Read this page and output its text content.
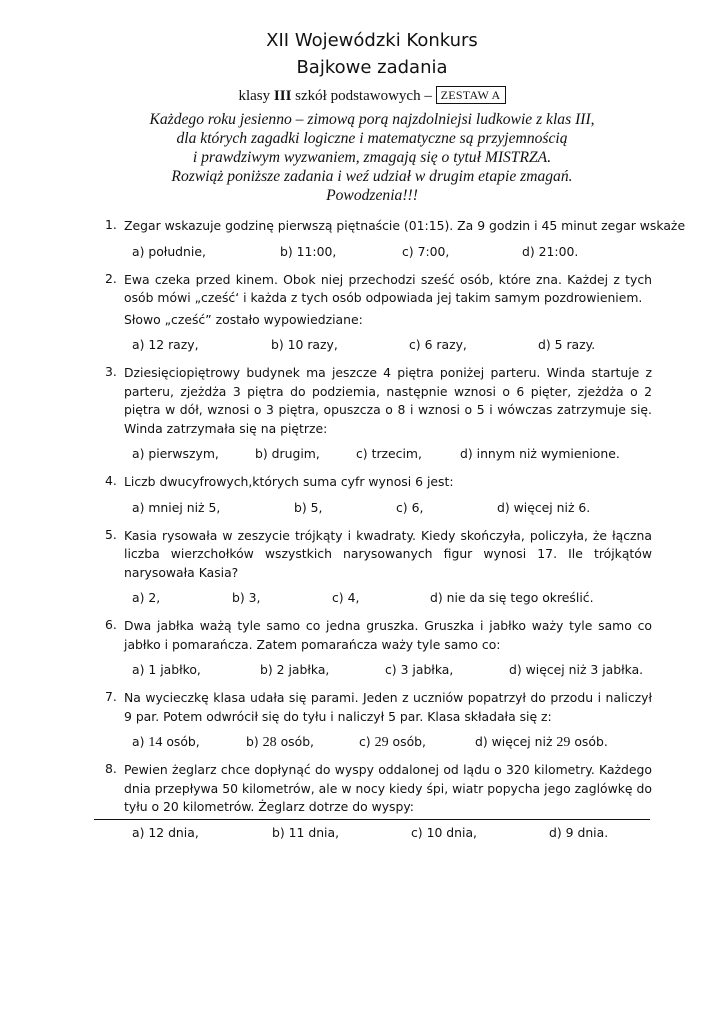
XII Wojewódzki Konkurs
Bajkowe zadania
klasy III szkół podstawowych – ZESTAW A
Każdego roku jesienno – zimową porą najzdolniejsi ludkowie z klas III,
dla których zagadki logiczne i matematyczne są przyjemnością
i prawdziwym wyzwaniem, zmagają się o tytuł MISTRZA.
Rozwiąż poniższe zadania i weź udział w drugim etapie zmagań.
Powodzenia!!!
1. Zegar wskazuje godzinę pierwszą piętnaście (01:15). Za 9 godzin i 45 minut zegar wskaże
a) południe,	b) 11:00,	c) 7:00,	d) 21:00.
2. Ewa czeka przed kinem. Obok niej przechodzi sześć osób, które zna. Każdej z tych osób mówi „cześć‘ i każda z tych osób odpowiada jej takim samym pozdrowieniem.
Słowo „cześć” zostało wypowiedziane:
a) 12 razy,	b) 10 razy,	c) 6 razy,	d) 5 razy.
3. Dziesięciopiętrowy budynek ma jeszcze 4 piętra poniżej parteru. Winda startuje z parteru, zjeżdża 3 piętra do podziemia, następnie wznosi o 6 pięter, zjeżdża o 2 piętra w dół, wznosi o 3 piętra, opuszcza o 8 i wznosi o 5 i wówczas zatrzymuje się. Winda zatrzymała się na piętrze:
a) pierwszym,	b) drugim,	c) trzecim,	d) innym niż wymienione.
4. Liczb dwucyfrowych,których suma cyfr wynosi 6 jest:
a) mniej niż 5,	b) 5,	c) 6,	d) więcej niż 6.
5. Kasia rysowała w zeszycie trójkąty i kwadraty. Kiedy skończyła, policzyła, że łączna liczba wierzchołków wszystkich narysowanych figur wynosi 17. Ile trójkątów narysowała Kasia?
a) 2,	b) 3,	c) 4,	d) nie da się tego określić.
6. Dwa jabłka ważą tyle samo co jedna gruszka. Gruszka i jabłko waży tyle samo co jabłko i pomarańcza. Zatem pomarańcza waży tyle samo co:
a) 1 jabłko,	b) 2 jabłka,	c) 3 jabłka,	d) więcej niż 3 jabłka.
7. Na wycieczkę klasa udała się parami. Jeden z uczniów popatrzył do przodu i naliczył 9 par. Potem odwrócił się do tyłu i naliczył 5 par. Klasa składała się z:
a) 14 osób,	b) 28 osób,	c) 29 osób,	d) więcej niż 29 osób.
8. Pewien żeglarz chce dopłynąć do wyspy oddalonej od lądu o 320 kilometry. Każdego dnia przepływa 50 kilometrów, ale w nocy kiedy śpi, wiatr popycha jego zaglówkę do tyłu o 20 kilometrów. Żeglarz dotrze do wyspy:
a) 12 dnia,	b) 11 dnia,	c) 10 dnia,	d) 9 dnia.
